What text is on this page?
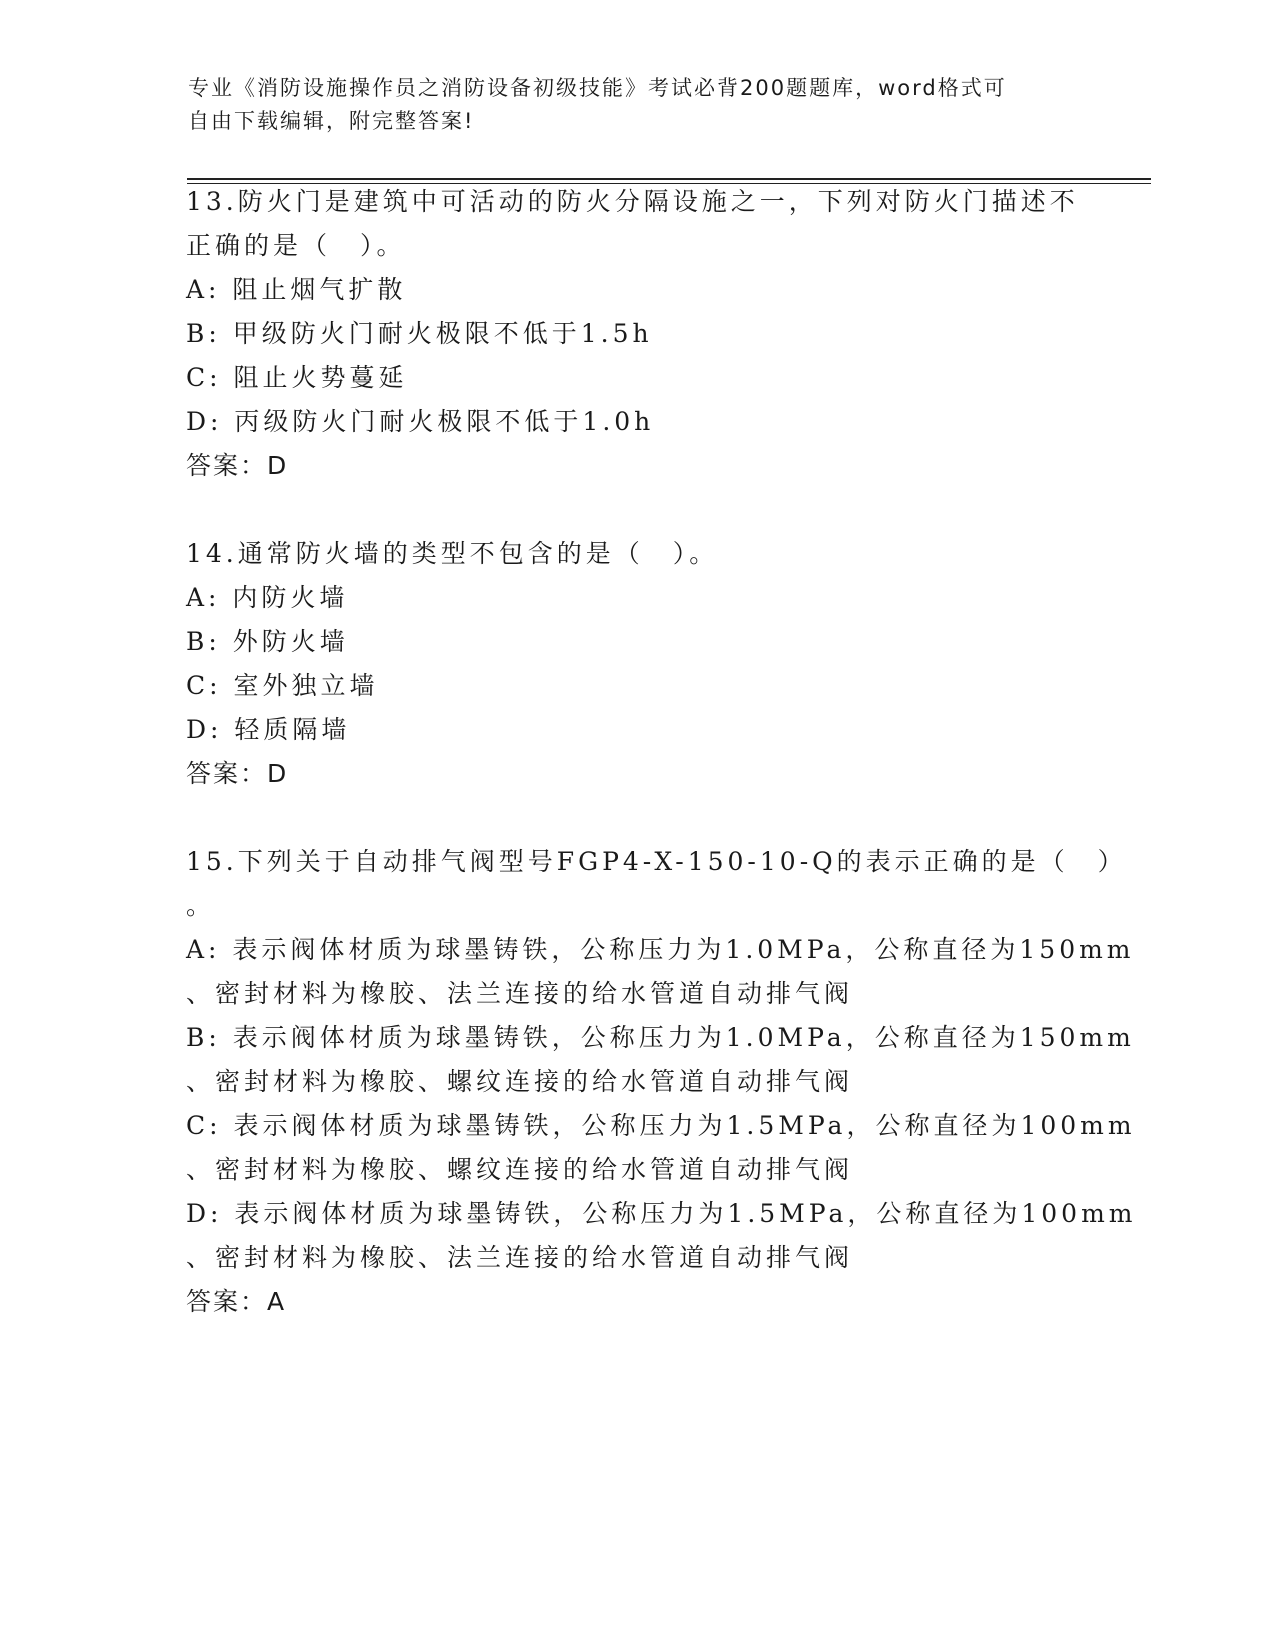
专业《消防设施操作员之消防设备初级技能》考试必背200题题库，word格式可
自由下载编辑，附完整答案!
13.防火门是建筑中可活动的防火分隔设施之一，下列对防火门描述不
正确的是（　）。
A: 阻止烟气扩散
B: 甲级防火门耐火极限不低于1.5h
C: 阻止火势蔓延
D: 丙级防火门耐火极限不低于1.0h
答案：D
14.通常防火墙的类型不包含的是（　）。
A: 内防火墙
B: 外防火墙
C: 室外独立墙
D: 轻质隔墙
答案：D
15.下列关于自动排气阀型号FGP4-X-150-10-Q的表示正确的是（　）
。
A: 表示阀体材质为球墨铸铁，公称压力为1.0MPa，公称直径为150mm
、密封材料为橡胶、法兰连接的给水管道自动排气阀
B: 表示阀体材质为球墨铸铁，公称压力为1.0MPa，公称直径为150mm
、密封材料为橡胶、螺纹连接的给水管道自动排气阀
C: 表示阀体材质为球墨铸铁，公称压力为1.5MPa，公称直径为100mm
、密封材料为橡胶、螺纹连接的给水管道自动排气阀
D: 表示阀体材质为球墨铸铁，公称压力为1.5MPa，公称直径为100mm
、密封材料为橡胶、法兰连接的给水管道自动排气阀
答案：A
